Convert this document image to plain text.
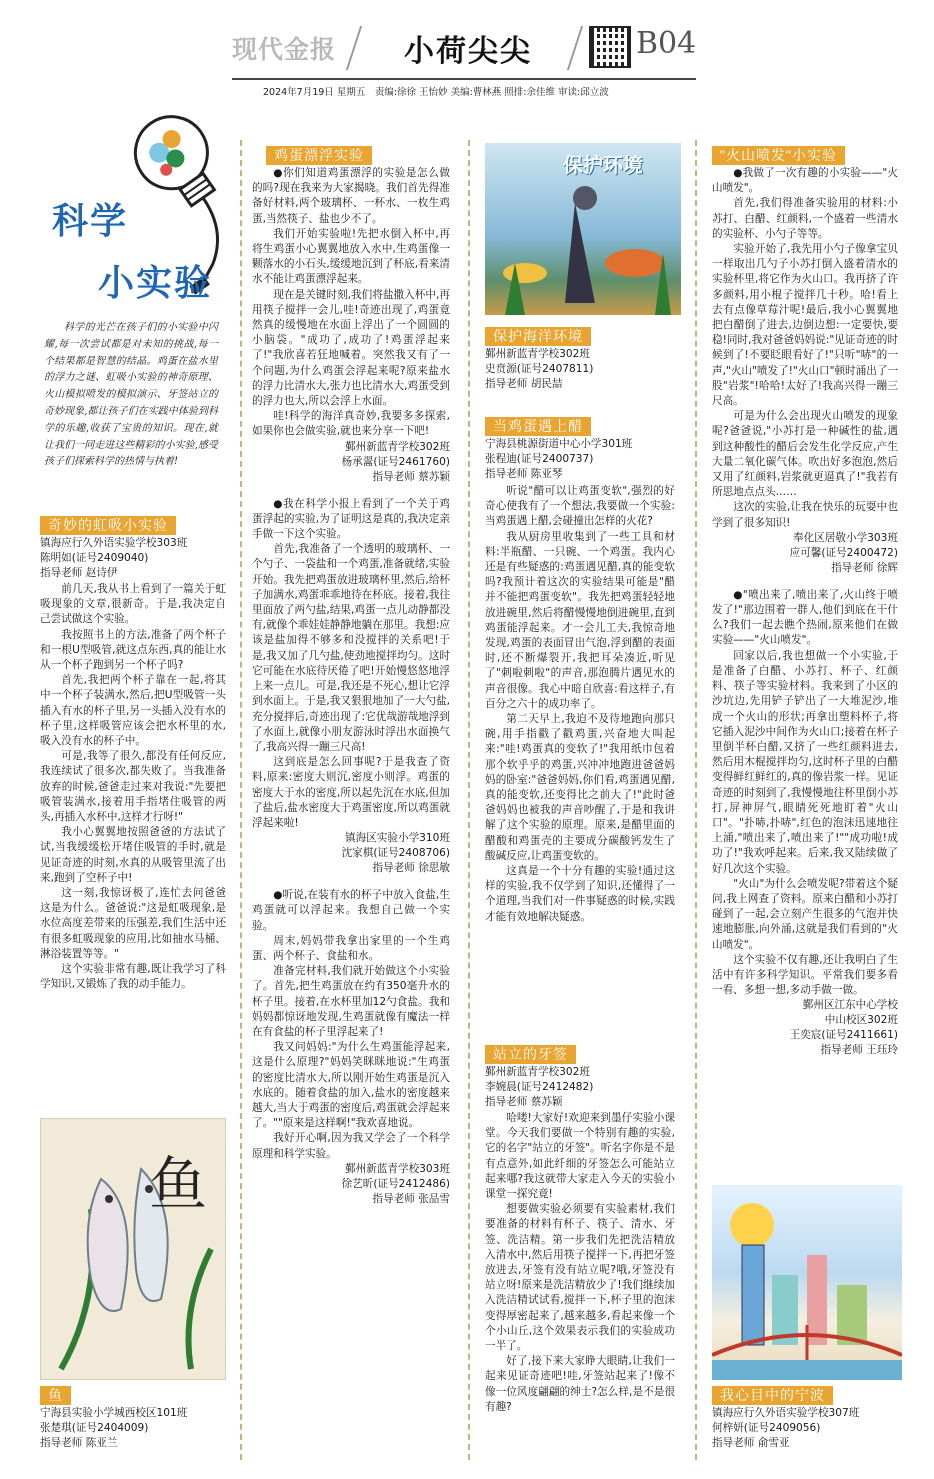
现代金报 小荷尖尖	B04
2024年7月19日 星期五　责编:徐徐 王怡妙 美编:曹林燕 照排:余佳维 审读:邱立波
科学
小实验

科学的光芒在孩子们的小实验中闪耀,每一次尝试都是对未知的挑战,每一个结果都是智慧的结晶。鸡蛋在盐水里的浮力之谜、虹吸小实验的神奇原理、火山模拟喷发的模拟演示、牙签站立的奇妙现象,都让孩子们在实践中体验到科学的乐趣,收获了宝贵的知识。现在,就让我们一同走进这些精彩的小实验,感受孩子们探索科学的热情与执着!

奇妙的虹吸小实验
镇海应行久外语实验学校303班
陈明如(证号2409040)
指导老师 赵诗伊

前几天,我从书上看到了一篇关于虹吸现象的文章,很新奇。于是,我决定自己尝试做这个实验。

我按照书上的方法,准备了两个杯子和一根U型吸管,就这点东西,真的能让水从一个杯子跑到另一个杯子吗?

首先,我把两个杯子靠在一起,将其中一个杯子装满水,然后,把U型吸管一头插入有水的杯子里,另一头插入没有水的杯子里,这样吸管应该会把水杯里的水,吸入没有水的杯子中。

可是,我等了很久,都没有任何反应,我连续试了很多次,都失败了。当我准备放弃的时候,爸爸走过来对我说:"先要把吸管装满水,接着用手指堵住吸管的两头,再插入水杯中,这样才行呀!"

我小心翼翼地按照爸爸的方法试了试,当我缓缓松开堵住吸管的手时,就是见证奇迹的时刻,水真的从吸管里流了出来,跑到了空杯子中!

这一刻,我惊讶极了,连忙去问爸爸这是为什么。爸爸说:"这是虹吸现象,是水位高度差带来的压强差,我们生活中还有很多虹吸现象的应用,比如抽水马桶、淋浴装置等等。"

这个实验非常有趣,既让我学习了科学知识,又锻炼了我的动手能力。

鱼
鱼
宁海县实验小学城西校区101班
张楚琪(证号2404009)
指导老师 陈亚兰
鸡蛋漂浮实验

●你们知道鸡蛋漂浮的实验是怎么做的吗?现在我来为大家揭晓。我们首先得准备好材料,两个玻璃杯、一杯水、一枚生鸡蛋,当然筷子、盐也少不了。

我们开始实验啦!先把水倒入杯中,再将生鸡蛋小心翼翼地放入水中,生鸡蛋像一颗落水的小石头,缓缓地沉到了杯底,看来清水不能让鸡蛋漂浮起来。

现在是关键时刻,我们将盐撒入杯中,再用筷子搅拌一会儿,哇!奇迹出现了,鸡蛋竟然真的缓慢地在水面上浮出了一个圆圆的小脑袋。"成功了,成功了!鸡蛋浮起来了!"我欣喜若狂地喊着。突然我又有了一个问题,为什么鸡蛋会浮起来呢?原来盐水的浮力比清水大,张力也比清水大,鸡蛋受到的浮力也大,所以会浮上水面。

哇!科学的海洋真奇妙,我要多多探索,如果你也会做实验,就也来分享一下吧!

鄞州新蓝青学校302班
杨承翯(证号2461760)
指导老师 蔡苏颖

●我在科学小报上看到了一个关于鸡蛋浮起的实验,为了证明这是真的,我决定亲手做一下这个实验。

首先,我准备了一个透明的玻璃杯、一个勺子、一袋盐和一个鸡蛋,准备就绪,实验开始。我先把鸡蛋放进玻璃杯里,然后,给杯子加满水,鸡蛋乖乖地待在杯底。接着,我往里面放了两勺盐,结果,鸡蛋一点儿动静都没有,就像个乖娃娃静静地躺在那里。我想:应该是盐加得不够多和没搅拌的关系吧!于是,我又加了几勺盐,使劲地搅拌均匀。这时它可能在水底待厌倦了吧!开始慢悠悠地浮上来一点儿。可是,我还是不死心,想让它浮到水面上。于是,我又狠狠地加了一大勺盐,充分搅拌后,奇迹出现了:它优哉游哉地浮到了水面上,就像小朋友游泳时浮出水面换气了,我高兴得一蹦三尺高!

这到底是怎么回事呢?于是我查了资料,原来:密度大则沉,密度小则浮。鸡蛋的密度大于水的密度,所以起先沉在水底,但加了盐后,盐水密度大于鸡蛋密度,所以鸡蛋就浮起来啦!

镇海区实验小学310班
沈家棋(证号2408706)
指导老师 徐思敏

●听说,在装有水的杯子中放入食盐,生鸡蛋就可以浮起来。我想自己做一个实验。

周末,妈妈带我拿出家里的一个生鸡蛋、两个杯子、食盐和水。

准备完材料,我们就开始做这个小实验了。首先,把生鸡蛋放在约有350毫升水的杯子里。接着,在水杯里加12勺食盐。我和妈妈都惊讶地发现,生鸡蛋就像有魔法一样在有食盐的杯子里浮起来了!

我又问妈妈:"为什么生鸡蛋能浮起来,这是什么原理?"妈妈笑眯眯地说:"生鸡蛋的密度比清水大,所以刚开始生鸡蛋是沉入水底的。随着食盐的加入,盐水的密度越来越大,当大于鸡蛋的密度后,鸡蛋就会浮起来了。""原来是这样啊!"我欢喜地说。

我好开心啊,因为我又学会了一个科学原理和科学实验。

鄞州新蓝青学校303班
徐艺昕(证号2412486)
指导老师 张品雪
保护环境
保护海洋环境
鄞州新蓝青学校302班
史贲源(证号2407811)
指导老师 胡民喆
当鸡蛋遇上醋
宁海县桃源街道中心小学301班
张程迪(证号2400737)
指导老师 陈亚琴

听说"醋可以让鸡蛋变软",强烈的好奇心使我有了一个想法,我要做一个实验:当鸡蛋遇上醋,会碰撞出怎样的火花?

我从厨房里收集到了一些工具和材料:半瓶醋、一只碗、一个鸡蛋。我内心还是有些疑惑的:鸡蛋遇见醋,真的能变软吗?我预计着这次的实验结果可能是"醋并不能把鸡蛋变软"。我先把鸡蛋轻轻地放进碗里,然后将醋慢慢地倒进碗里,直到鸡蛋能浮起来。才一会儿工夫,我惊奇地发现,鸡蛋的表面冒出气泡,浮到醋的表面时,还不断爆裂开,我把耳朵凑近,听见了"刺啦刺啦"的声音,那泡腾片遇见水的声音很像。我心中暗自欣喜:看这样子,有百分之六十的成功率了。

第二天早上,我迫不及待地跑向那只碗,用手指戳了戳鸡蛋,兴奋地大叫起来:"哇!鸡蛋真的变软了!"我用纸巾包着那个软乎乎的鸡蛋,兴冲冲地跑进爸爸妈妈的卧室:"爸爸妈妈,你们看,鸡蛋遇见醋,真的能变软,还变得比之前大了!"此时爸爸妈妈也被我的声音吵醒了,于是和我讲解了这个实验的原理。原来,是醋里面的醋酸和鸡蛋壳的主要成分碳酸钙发生了酸碱反应,让鸡蛋变软的。

这真是一个十分有趣的实验!通过这样的实验,我不仅学到了知识,还懂得了一个道理,当我们对一件事疑惑的时候,实践才能有效地解决疑惑。

站立的牙签
鄞州新蓝青学校302班
李婉晨(证号2412482)
指导老师 蔡苏颖

哈喽!大家好!欢迎来到墨仔实验小课堂。今天我们要做一个特别有趣的实验,它的名字"站立的牙签"。听名字你是不是有点意外,如此纤细的牙签怎么可能站立起来哪?我这就带大家走入今天的实验小课堂一探究竟!

想要做实验必须要有实验素材,我们要准备的材料有杯子、筷子、清水、牙签、洗洁精。第一步我们先把洗洁精放入清水中,然后用筷子搅拌一下,再把牙签放进去,牙签有没有站立呢?哦,牙签没有站立呀!原来是洗洁精放少了!我们继续加入洗洁精试试看,搅拌一下,杯子里的泡沫变得厚密起来了,越来越多,看起来像一个个小山丘,这个效果表示我们的实验成功一半了。

好了,接下来大家睁大眼睛,让我们一起来见证奇迹吧!哇,牙签站起来了!像不像一位风度翩翩的绅士?怎么样,是不是很有趣?

"火山喷发"小实验

●我做了一次有趣的小实验——"火山喷发"。

首先,我们得准备实验用的材料:小苏打、白醋、红颜料,一个盛着一些清水的实验杯、小勺子等等。

实验开始了,我先用小勺子像拿宝贝一样取出几勺子小苏打倒入盛着清水的实验杯里,将它作为火山口。我再挤了许多颜料,用小棍子搅拌几十秒。哈!看上去有点像草莓汁呢!最后,我小心翼翼地把白醋倒了进去,边倒边想:一定要快,要稳!同时,我对爸爸妈妈说:"见证奇迹的时候到了!不要眨眼看好了!"只听"哧"的一声,"火山"喷发了!"火山口"顿时涌出了一股"岩浆"!哈哈!太好了!我高兴得一蹦三尺高。

可是为什么会出现火山喷发的现象呢?爸爸说,"小苏打是一种碱性的盐,遇到这种酸性的醋后会发生化学反应,产生大量二氧化碳气体。吹出好多泡泡,然后又用了红颜料,岩浆就更逼真了!"我若有所思地点点头……

这次的实验,让我在快乐的玩耍中也学到了很多知识!

奉化区居敬小学303班
应可馨(证号2400472)
指导老师 徐辉

●"喷出来了,喷出来了,火山终于喷发了!"那边围着一群人,他们到底在干什么?我们一起去瞧个热闹,原来他们在做实验——"火山喷发"。

回家以后,我也想做一个小实验,于是准备了白醋、小苏打、杯子、红颜料、筷子等实验材料。我来到了小区的沙坑边,先用铲子铲出了一大堆泥沙,堆成一个火山的形状;再拿出塑料杯子,将它插入泥沙中间作为火山口;接着在杯子里倒半杯白醋,又挤了一些红颜料进去,然后用木棍搅拌均匀,这时杯子里的白醋变得鲜红鲜红的,真的像岩浆一样。见证奇迹的时刻到了,我慢慢地往杯里倒小苏打,屏神屏气,眼睛死死地盯着"火山口"。"扑哧,扑哧",红色的泡沫迅速地往上涌,"喷出来了,喷出来了!""成功啦!成功了!"我欢呼起来。后来,我又陆续做了好几次这个实验。

"火山"为什么会喷发呢?带着这个疑问,我上网查了资料。原来白醋和小苏打碰到了一起,会立刻产生很多的气泡并快速地膨胀,向外涌,这就是我们看到的"火山喷发"。

这个实验不仅有趣,还让我明白了生活中有许多科学知识。平常我们要多看一看、多想一想,多动手做一做。

鄞州区江东中心学校
中山校区302班
王奕宸(证号2411661)
指导老师 王珏玲
我心目中的宁波
镇海应行久外语实验学校307班
何梓妍(证号2409056)
指导老师 俞雪亚
